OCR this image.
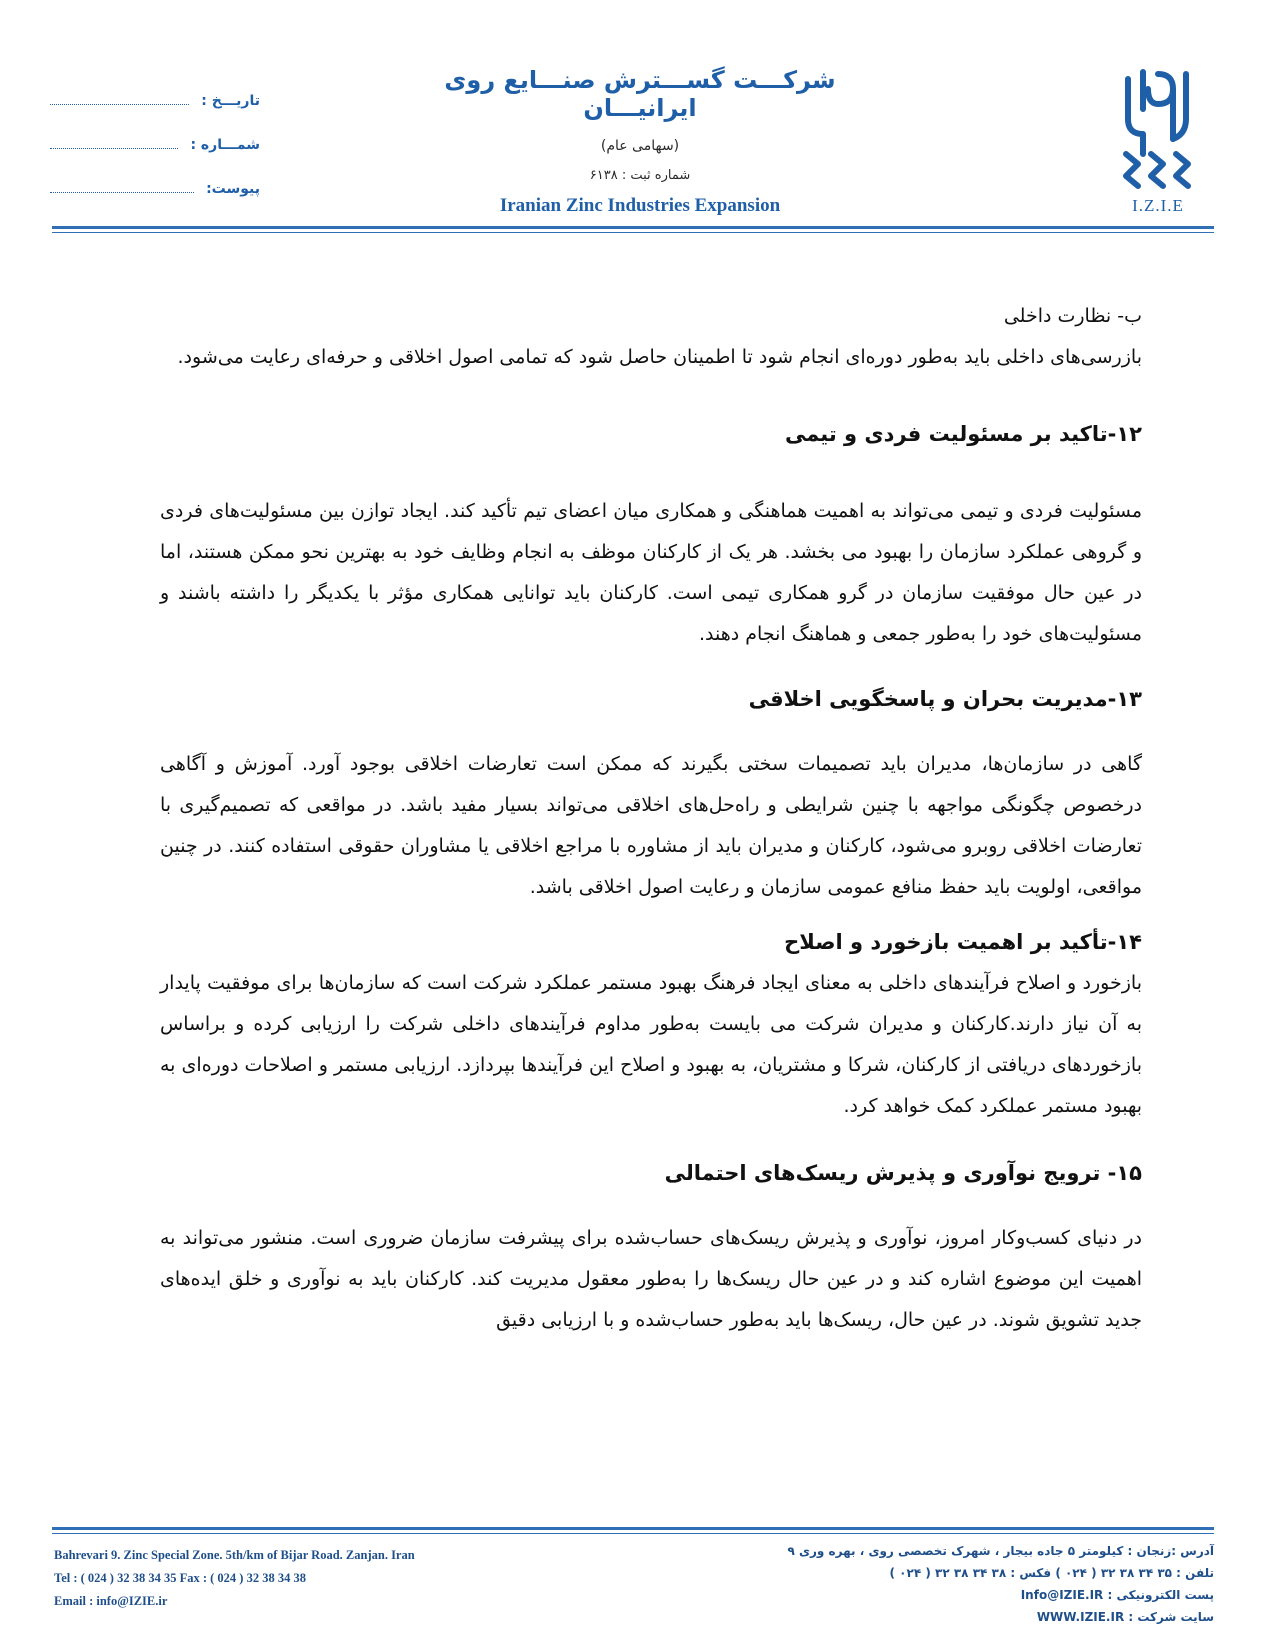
I.Z.I.E
شرکـــت گســـترش صنـــایع روی ایرانیـــان
(سهامی عام)
شماره ثبت : ۶۱۳۸
Iranian Zinc Industries Expansion
تاریـــخ :
شمـــاره :
پیوست:

ب- نظارت داخلی

بازرسی‌های داخلی باید به‌طور دوره‌ای انجام شود تا اطمینان حاصل شود که تمامی اصول اخلاقی و حرفه‌ای رعایت می‌شود.

۱۲-تاکید بر مسئولیت فردی و تیمی

مسئولیت فردی و تیمی می‌تواند به اهمیت هماهنگی و همکاری میان اعضای تیم تأکید کند. ایجاد توازن بین مسئولیت‌های فردی و گروهی عملکرد سازمان را بهبود می بخشد. هر یک از کارکنان موظف به انجام وظایف خود به بهترین نحو ممکن هستند، اما در عین حال موفقیت سازمان در گرو همکاری تیمی است. کارکنان باید توانایی همکاری مؤثر با یکدیگر را داشته باشند و مسئولیت‌های خود را به‌طور جمعی و هماهنگ انجام دهند.

۱۳-مدیریت بحران و پاسخگویی اخلاقی

گاهی در سازمان‌ها، مدیران باید تصمیمات سختی بگیرند که ممکن است تعارضات اخلاقی بوجود آورد. آموزش و آگاهی درخصوص چگونگی مواجهه با چنین شرایطی و راه‌حل‌های اخلاقی می‌تواند بسیار مفید باشد. در مواقعی که تصمیم‌گیری با تعارضات اخلاقی روبرو می‌شود، کارکنان و مدیران باید از مشاوره با مراجع اخلاقی یا مشاوران حقوقی استفاده کنند. در چنین مواقعی، اولویت باید حفظ منافع عمومی سازمان و رعایت اصول اخلاقی باشد.

۱۴-تأکید بر اهمیت بازخورد و اصلاح

بازخورد و اصلاح فرآیندهای داخلی به معنای ایجاد فرهنگ بهبود مستمر عملکرد شرکت است که سازمان‌ها برای موفقیت پایدار به آن نیاز دارند.کارکنان و مدیران شرکت می بایست به‌طور مداوم فرآیندهای داخلی شرکت را ارزیابی کرده و براساس بازخوردهای دریافتی از کارکنان، شرکا و مشتریان، به بهبود و اصلاح این فرآیندها بپردازد. ارزیابی مستمر و اصلاحات دوره‌ای به بهبود مستمر عملکرد کمک خواهد کرد.

۱۵- ترویج نوآوری و پذیرش ریسک‌های احتمالی

در دنیای کسب‌وکار امروز، نوآوری و پذیرش ریسک‌های حساب‌شده برای پیشرفت سازمان ضروری است. منشور می‌تواند به اهمیت این موضوع اشاره کند و در عین حال ریسک‌ها را به‌طور معقول مدیریت کند. کارکنان باید به نوآوری و خلق ایده‌های جدید تشویق شوند. در عین حال، ریسک‌ها باید به‌طور حساب‌شده و با ارزیابی دقیق

Bahrevari 9. Zinc Special Zone. 5th/km of Bijar Road. Zanjan. Iran
Tel : ( 024 ) 32 38 34 35 Fax : ( 024 ) 32 38 34 38
Email : info@IZIE.ir
آدرس :زنجان : کیلومتر ۵ جاده بیجار ، شهرک تخصصی روی ، بهره وری ۹
تلفن : ۳۵ ۳۴ ۳۸ ۳۲ ( ۰۲۴ ) فکس : ۳۸ ۳۴ ۳۸ ۳۲ ( ۰۲۴ )
پست الکترونیکی : Info@IZIE.IR
سایت شرکت : WWW.IZIE.IR
